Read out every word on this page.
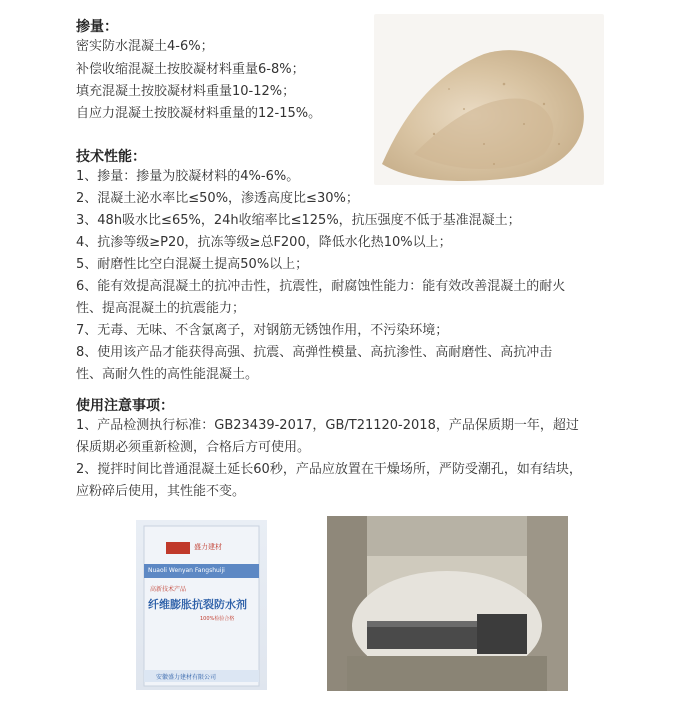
掺量：
密实防水混凝土4-6%；
补偿收缩混凝土按胶凝材料重量6-8%；
填充混凝土按胶凝材料重量10-12%；
自应力混凝土按胶凝材料重量的12-15%。
技术性能：
1、掺量：掺量为胶凝材料的4%-6%。
2、混凝土泌水率比≤50%，渗透高度比≤30%；
3、48h吸水比≤65%，24h收缩率比≤125%，抗压强度不低于基准混凝土；
4、抗渗等级≥P20，抗冻等级≥总F200，降低水化热10%以上；
5、耐磨性比空白混凝土提高50%以上；
6、能有效提高混凝土的抗冲击性，抗震性，耐腐蚀性能力：能有效改善混凝土的耐火
性、提高混凝土的抗震能力；
7、无毒、无味、不含氯离子，对钢筋无锈蚀作用，不污染环境；
8、使用该产品才能获得高强、抗震、高弹性模量、高抗渗性、高耐磨性、高抗冲击
性、高耐久性的高性能混凝土。
使用注意事项：
1、产品检测执行标准：GB23439-2017，GB/T21120-2018，产品保质期一年，超过
保质期必须重新检测，合格后方可使用。
2、搅拌时间比普通混凝土延长60秒，产品应放置在干燥场所，严防受潮孔，如有结块，
应粉碎后使用，其性能不变。
盛力建材
Nuaoli Wenyan Fangshuiji
高新技术产品
纤维膨胀抗裂防水剂
100%检验合格
安徽盛力建材有限公司
